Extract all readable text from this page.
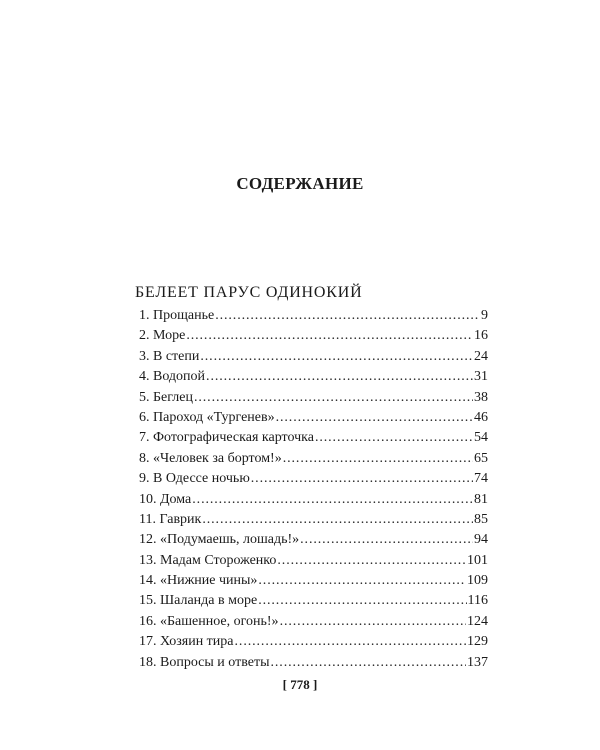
СОДЕРЖАНИЕ
БЕЛЕЕТ ПАРУС ОДИНОКИЙ
1. Прощанье . . .	9
2. Море . . .	16
3. В степи . . .	24
4. Водопой . . .	31
5. Беглец . . .	38
6. Пароход «Тургенев» . . .	46
7. Фотографическая карточка . . .	54
8. «Человек за бортом!» . . .	65
9. В Одессе ночью . . .	74
10. Дома . . .	81
11. Гаврик . . .	85
12. «Подумаешь, лошадь!» . . .	94
13. Мадам Стороженко . . .	101
14. «Нижние чины» . . .	109
15. Шаланда в море . . .	116
16. «Башенное, огонь!» . . .	124
17. Хозяин тира . . .	129
18. Вопросы и ответы . . .	137
[ 778 ]
